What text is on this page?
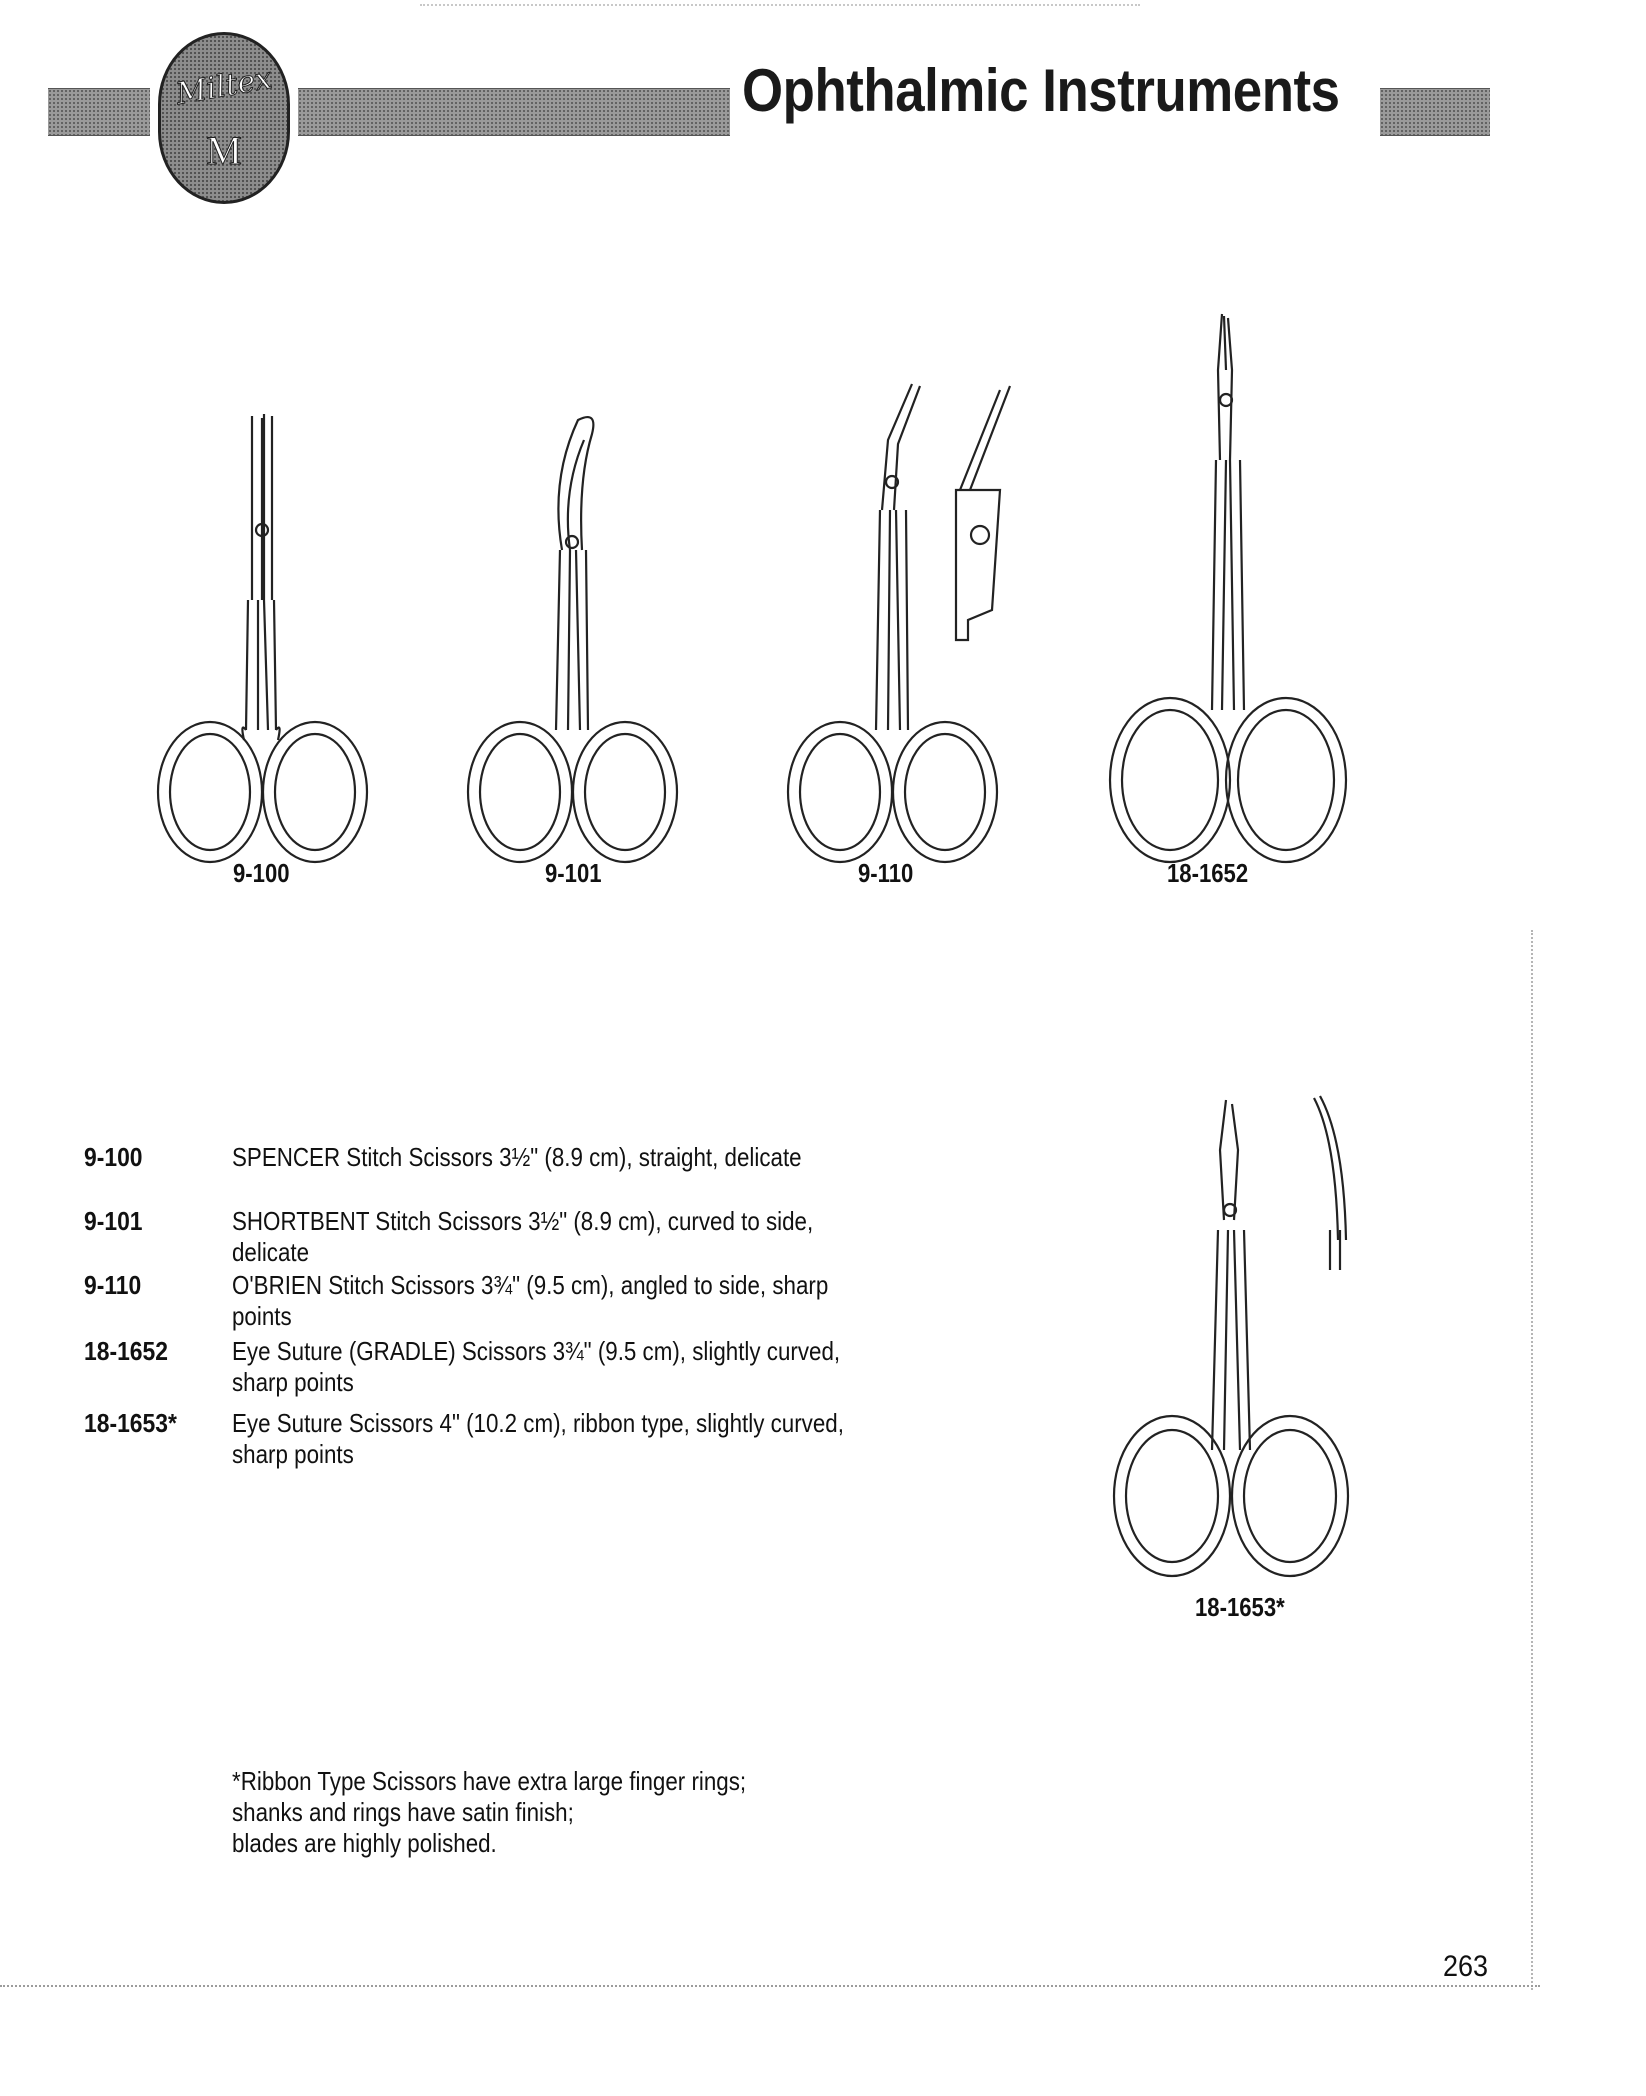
Miltex
M
Ophthalmic Instruments
9-100	9-101	9-110	18-1652
18-1653*
9-100	SPENCER Stitch Scissors 3½" (8.9 cm), straight, delicate
9-101	SHORTBENT Stitch Scissors 3½" (8.9 cm), curved to side, delicate
9-110	O'BRIEN Stitch Scissors 3¾" (9.5 cm), angled to side, sharp points
18-1652 Eye Suture (GRADLE) Scissors 3¾" (9.5 cm), slightly curved, sharp points
18-1653* Eye Suture Scissors 4" (10.2 cm), ribbon type, slightly curved, sharp points
*Ribbon Type Scissors have extra large finger rings;
shanks and rings have satin finish;
blades are highly polished.
263
